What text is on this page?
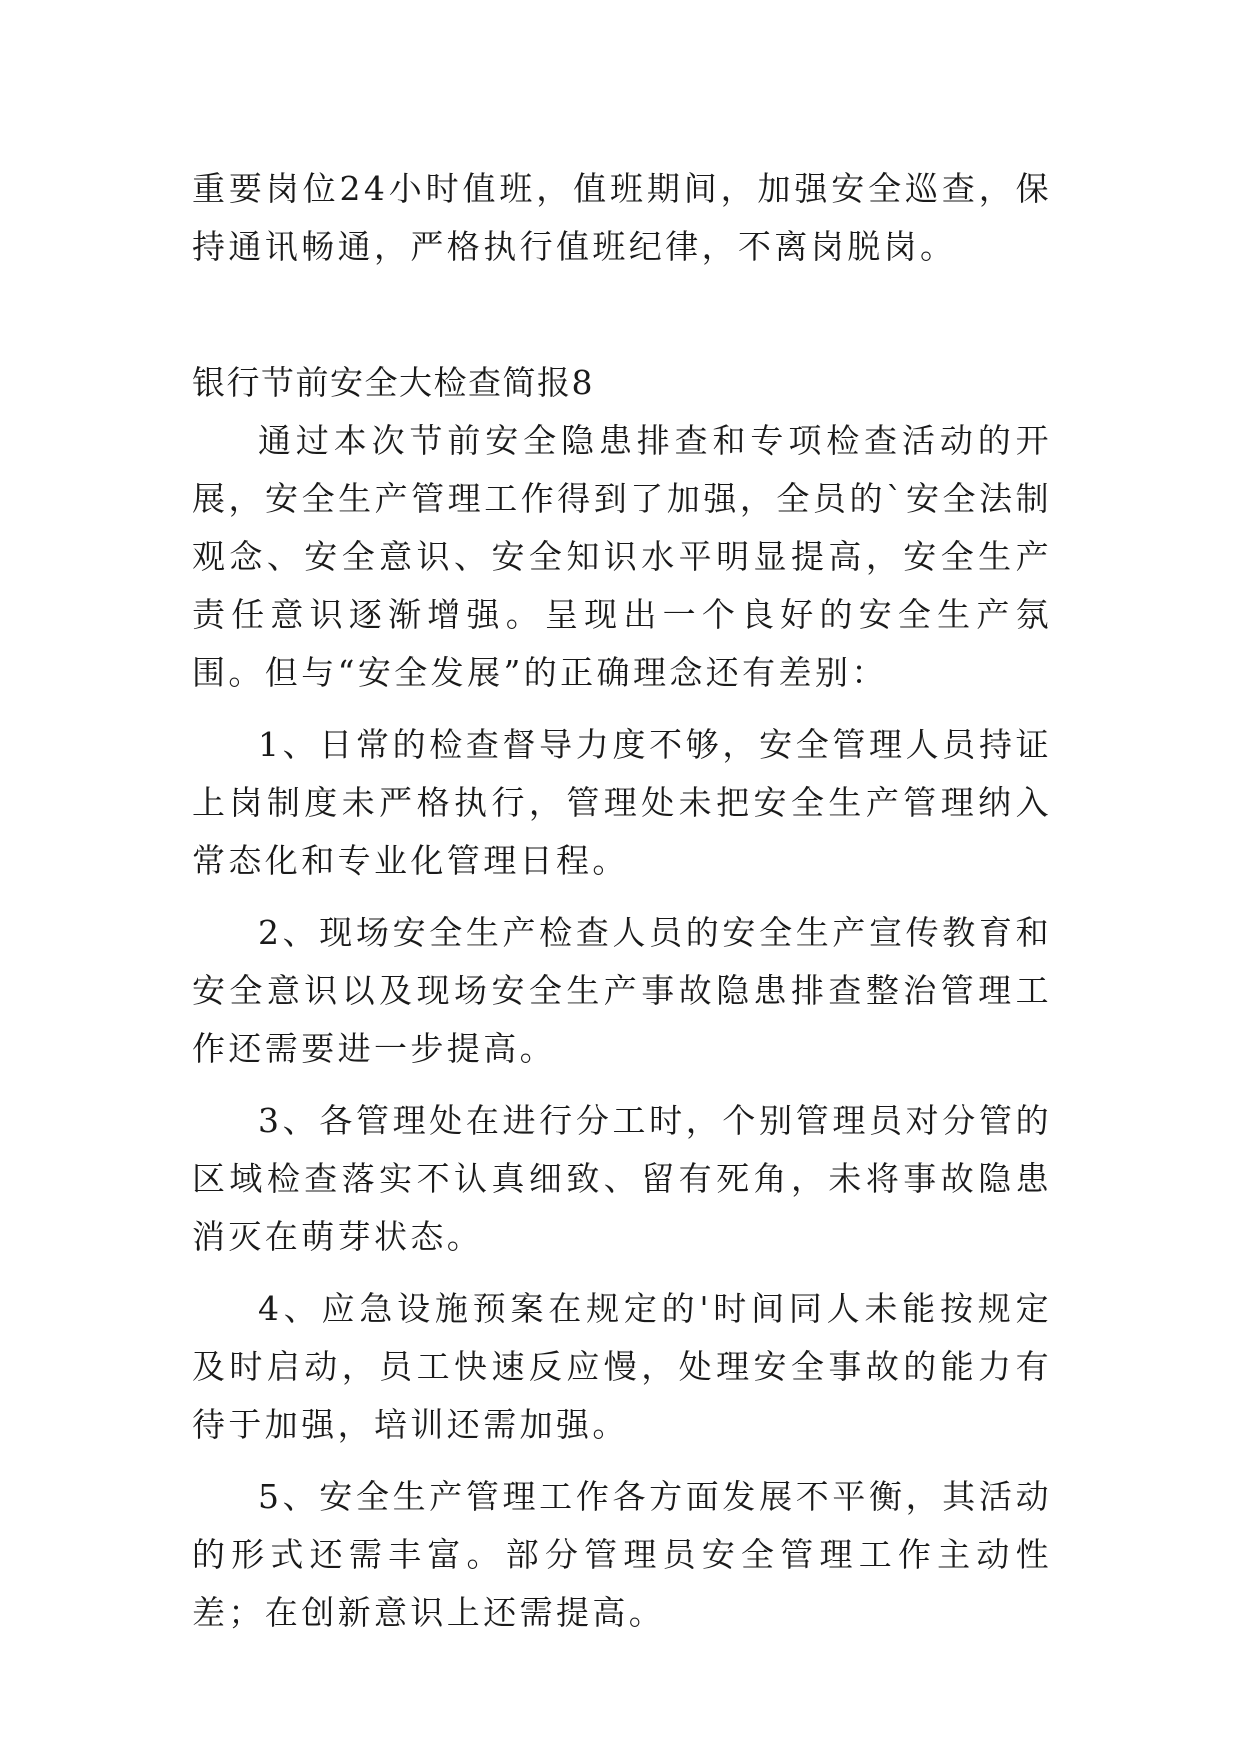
重要岗位24小时值班，值班期间，加强安全巡查，保持通讯畅通，严格执行值班纪律，不离岗脱岗。

银行节前安全大检查简报8

通过本次节前安全隐患排查和专项检查活动的开展，安全生产管理工作得到了加强，全员的`安全法制观念、安全意识、安全知识水平明显提高，安全生产责任意识逐渐增强。呈现出一个良好的安全生产氛围。但与“安全发展”的正确理念还有差别：

1、日常的检查督导力度不够，安全管理人员持证上岗制度未严格执行，管理处未把安全生产管理纳入常态化和专业化管理日程。

2、现场安全生产检查人员的安全生产宣传教育和安全意识以及现场安全生产事故隐患排查整治管理工作还需要进一步提高。

3、各管理处在进行分工时，个别管理员对分管的区域检查落实不认真细致、留有死角，未将事故隐患消灭在萌芽状态。

4、应急设施预案在规定的'时间同人未能按规定及时启动，员工快速反应慢，处理安全事故的能力有待于加强，培训还需加强。

5、安全生产管理工作各方面发展不平衡，其活动的形式还需丰富。部分管理员安全管理工作主动性差；在创新意识上还需提高。
